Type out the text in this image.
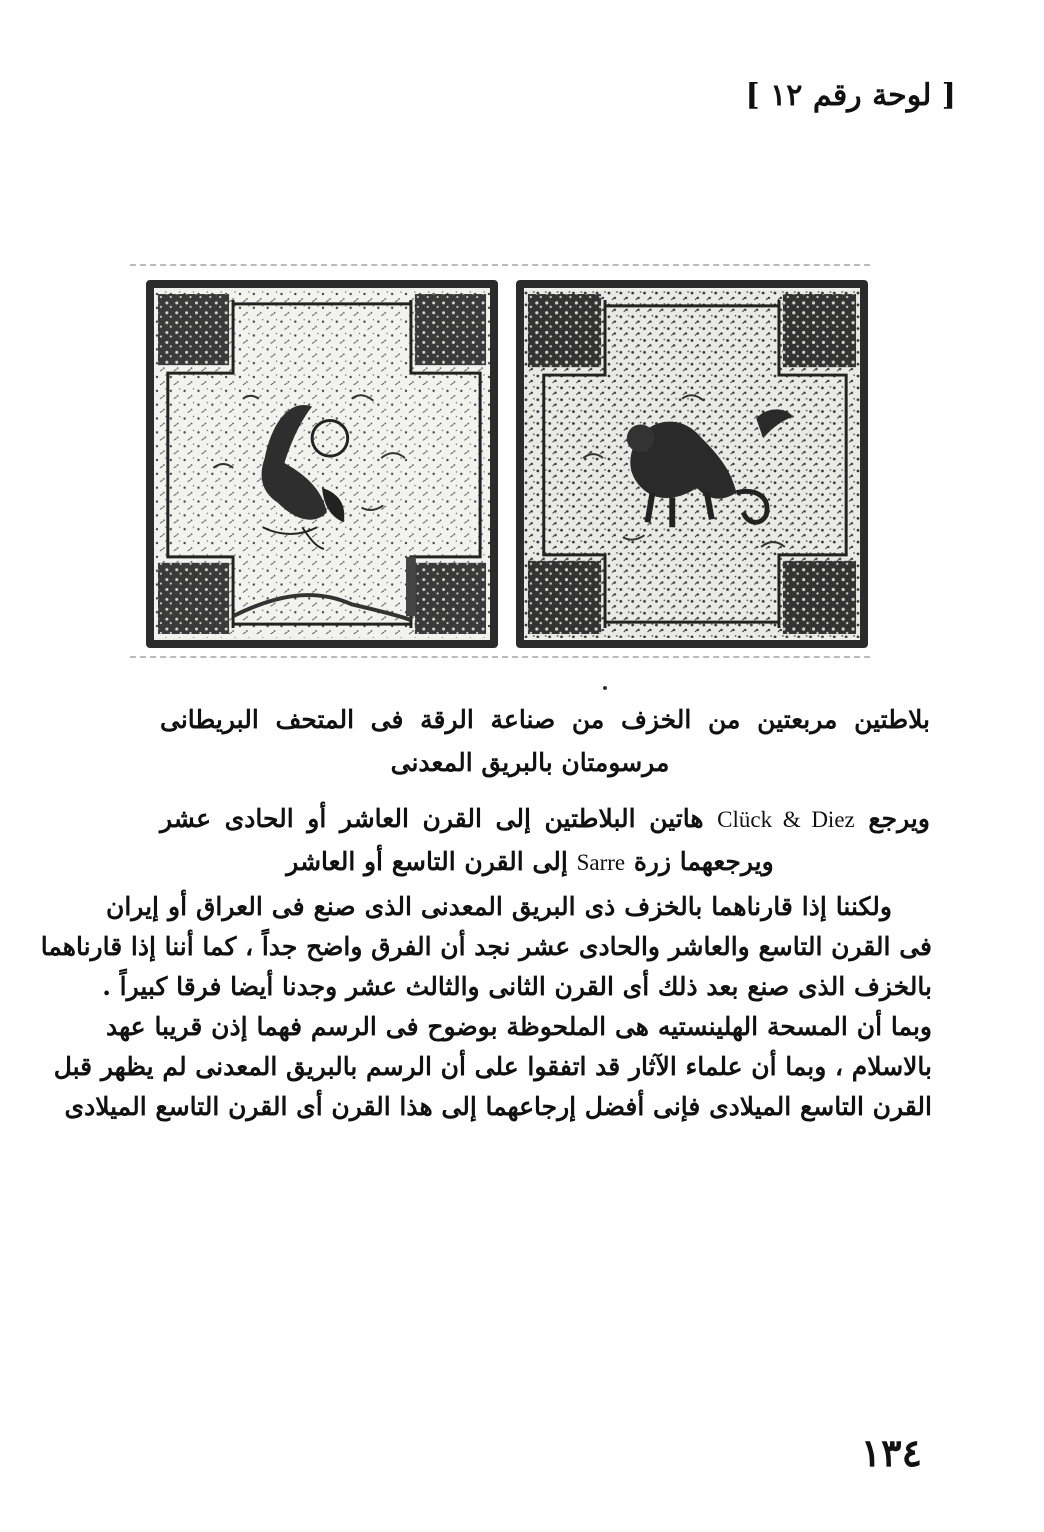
[ لوحة رقم ١٢ ]
بلاطتين مربعتين من الخزف من صناعة الرقة فى المتحف البريطانى
مرسومتان بالبريق المعدنى
ويرجع Clück & Diez هاتين البلاطتين إلى القرن العاشر أو الحادى عشر
ويرجعهما زرة Sarre إلى القرن التاسع أو العاشر
ولكننا إذا قارناهما بالخزف ذى البريق المعدنى الذى صنع فى العراق أو إيران
فى القرن التاسع والعاشر والحادى عشر نجد أن الفرق واضح جداً ، كما أننا إذا قارناهما
بالخزف الذى صنع بعد ذلك أى القرن الثانى والثالث عشر وجدنا أيضا فرقا كبيراً .
وبما أن المسحة الهلينستيه هى الملحوظة بوضوح فى الرسم فهما إذن قريبا عهد
بالاسلام ، وبما أن علماء الآثار قد اتفقوا على أن الرسم بالبريق المعدنى لم يظهر قبل
القرن التاسع الميلادى فإنى أفضل إرجاعهما إلى هذا القرن أى القرن التاسع الميلادى
١٣٤
